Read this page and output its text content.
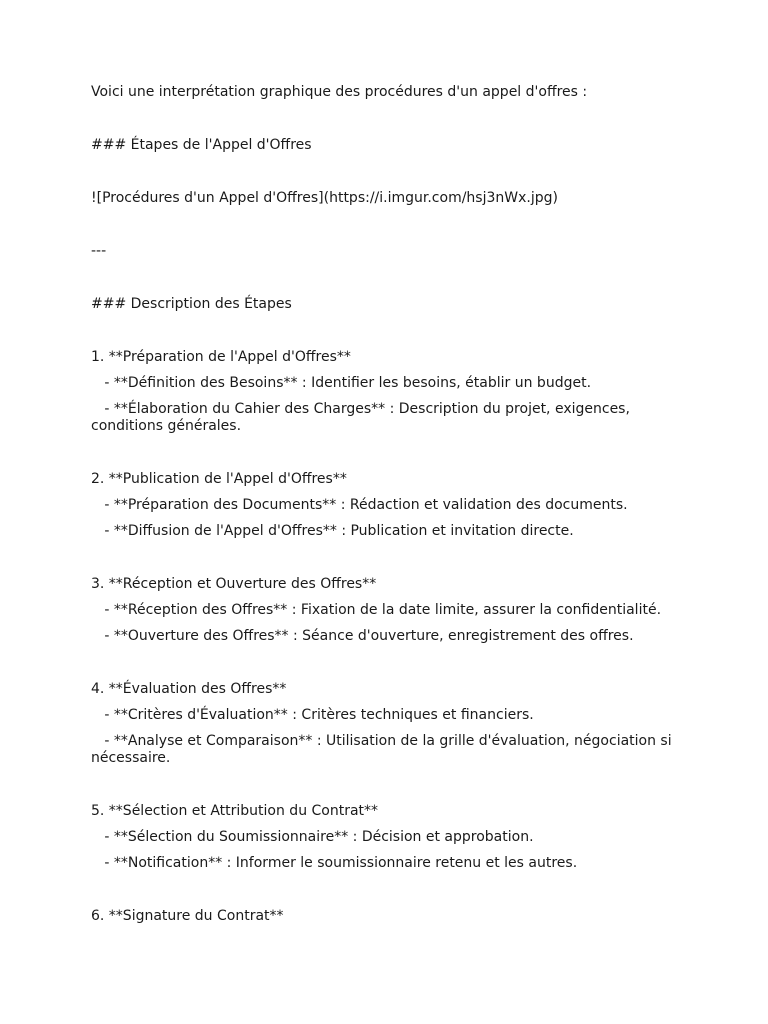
Voici une interprétation graphique des procédures d'un appel d'offres :

### Étapes de l'Appel d'Offres

![Procédures d'un Appel d'Offres](https://i.imgur.com/hsj3nWx.jpg)

---

### Description des Étapes

1. **Préparation de l'Appel d'Offres**

- **Définition des Besoins** : Identifier les besoins, établir un budget.

- **Élaboration du Cahier des Charges** : Description du projet, exigences, conditions générales.

2. **Publication de l'Appel d'Offres**

- **Préparation des Documents** : Rédaction et validation des documents.

- **Diffusion de l'Appel d'Offres** : Publication et invitation directe.

3. **Réception et Ouverture des Offres**

- **Réception des Offres** : Fixation de la date limite, assurer la confidentialité.

- **Ouverture des Offres** : Séance d'ouverture, enregistrement des offres.

4. **Évaluation des Offres**

- **Critères d'Évaluation** : Critères techniques et financiers.

- **Analyse et Comparaison** : Utilisation de la grille d'évaluation, négociation si nécessaire.

5. **Sélection et Attribution du Contrat**

- **Sélection du Soumissionnaire** : Décision et approbation.

- **Notification** : Informer le soumissionnaire retenu et les autres.

6. **Signature du Contrat**
